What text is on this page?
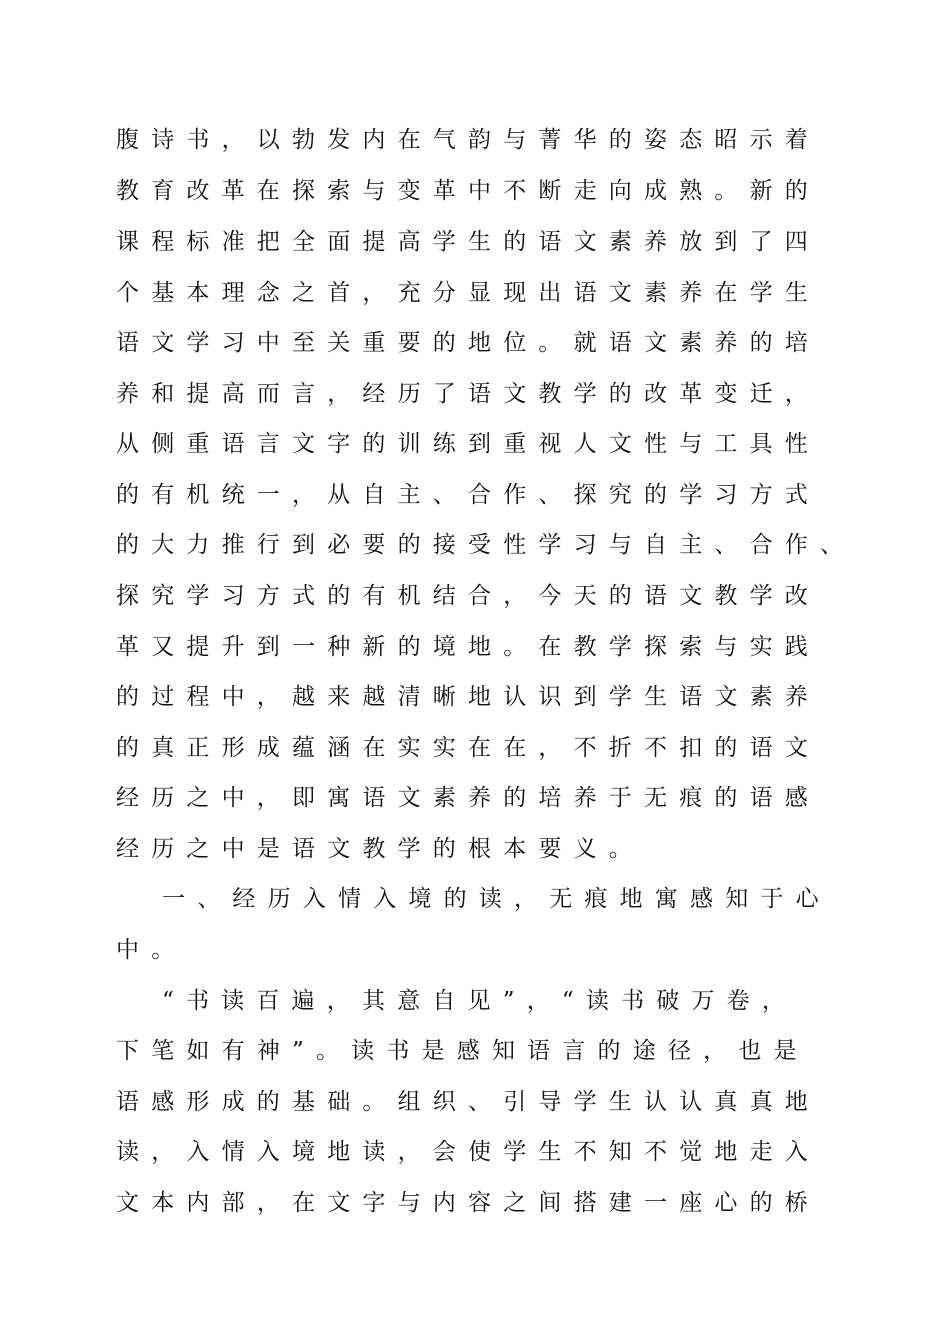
腹诗书，以勃发内在气韵与菁华的姿态昭示着
教育改革在探索与变革中不断走向成熟。新的
课程标准把全面提高学生的语文素养放到了四
个基本理念之首，充分显现出语文素养在学生
语文学习中至关重要的地位。就语文素养的培
养和提高而言，经历了语文教学的改革变迁，
从侧重语言文字的训练到重视人文性与工具性
的有机统一，从自主、合作、探究的学习方式
的大力推行到必要的接受性学习与自主、合作、
探究学习方式的有机结合，今天的语文教学改
革又提升到一种新的境地。在教学探索与实践
的过程中，越来越清晰地认识到学生语文素养
的真正形成蕴涵在实实在在，不折不扣的语文
经历之中，即寓语文素养的培养于无痕的语感
经历之中是语文教学的根本要义。
一、经历入情入境的读，无痕地寓感知于心
中。
“书读百遍，其意自见”，“读书破万卷，
下笔如有神”。读书是感知语言的途径，也是
语感形成的基础。组织、引导学生认认真真地
读，入情入境地读，会使学生不知不觉地走入
文本内部，在文字与内容之间搭建一座心的桥
